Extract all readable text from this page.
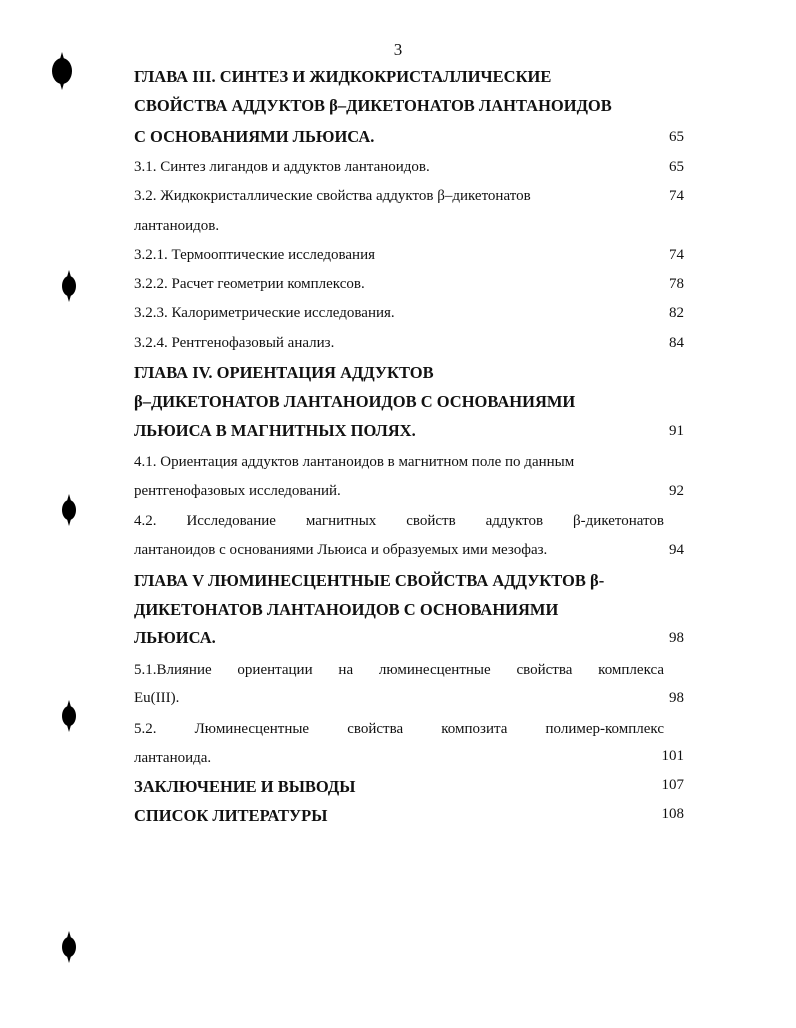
3
ГЛАВА III. СИНТЕЗ И ЖИДКОКРИСТАЛЛИЧЕСКИЕ
СВОЙСТВА АДДУКТОВ β–ДИКЕТОНАТОВ ЛАНТАНОИДОВ
С ОСНОВАНИЯМИ ЛЬЮИСА.	65
3.1. Синтез лигандов и аддуктов лантаноидов.	65
3.2. Жидкокристаллические свойства аддуктов β–дикетонатов	74
лантаноидов.
3.2.1. Термооптические исследования	74
3.2.2. Расчет геометрии комплексов.	78
3.2.3. Калориметрические исследования.	82
3.2.4. Рентгенофазовый анализ.	84
ГЛАВА IV. ОРИЕНТАЦИЯ АДДУКТОВ
β–ДИКЕТОНАТОВ ЛАНТАНОИДОВ С ОСНОВАНИЯМИ
ЛЬЮИСА В МАГНИТНЫХ ПОЛЯХ.	91
4.1. Ориентация аддуктов лантаноидов в магнитном поле по данным
рентгенофазовых исследований.	92
4.2. Исследование магнитных свойств аддуктов β-дикетонатов
лантаноидов с основаниями Льюиса и образуемых ими мезофаз.	94
ГЛАВА V ЛЮМИНЕСЦЕНТНЫЕ СВОЙСТВА АДДУКТОВ β-
ДИКЕТОНАТОВ ЛАНТАНОИДОВ С ОСНОВАНИЯМИ
ЛЬЮИСА.	98
5.1.Влияние ориентации на люминесцентные свойства комплекса
Eu(III).	98
5.2. Люминесцентные свойства композита полимер-комплекс
лантаноида.	101
ЗАКЛЮЧЕНИЕ И ВЫВОДЫ	107
СПИСОК ЛИТЕРАТУРЫ	108
